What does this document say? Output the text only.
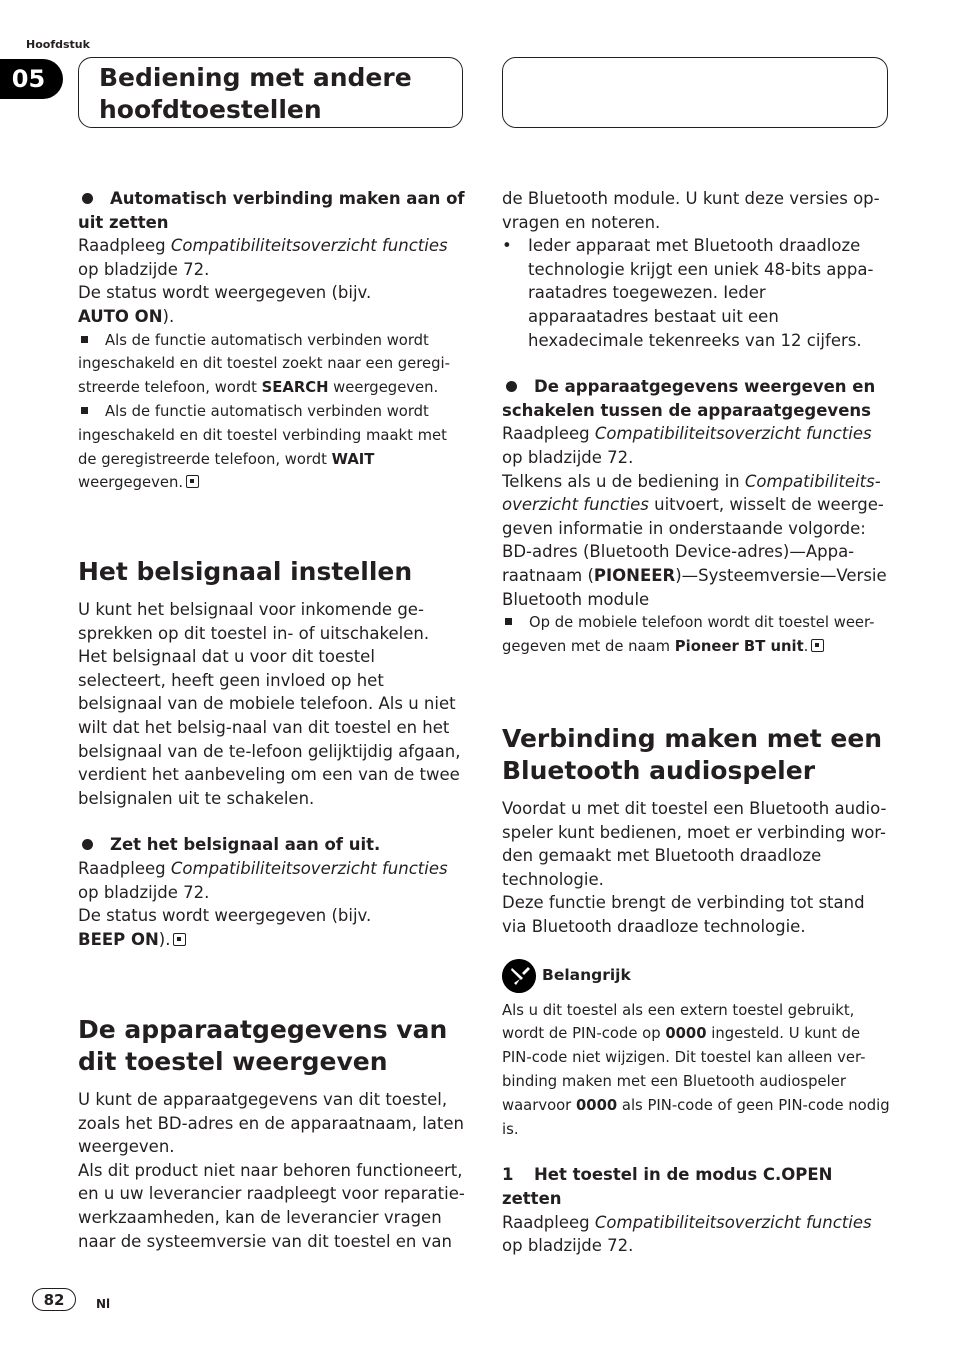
Hoofdstuk
05	Bediening met andere
hoofdtoestellen

Automatisch verbinding maken aan of uit zetten

Raadpleeg Compatibiliteitsoverzicht functies
op bladzijde 72.

De status wordt weergegeven (bijv.
AUTO ON).

Als de functie automatisch verbinden wordt ingeschakeld en dit toestel zoekt naar een geregi-streerde telefoon, wordt SEARCH weergegeven.

Als de functie automatisch verbinden wordt ingeschakeld en dit toestel verbinding maakt met de geregistreerde telefoon, wordt WAIT
weergegeven.

Het belsignaal instellen

U kunt het belsignaal voor inkomende ge-sprekken op dit toestel in- of uitschakelen.

Het belsignaal dat u voor dit toestel selecteert, heeft geen invloed op het belsignaal van de mobiele telefoon. Als u niet wilt dat het belsig-naal van dit toestel en het belsignaal van de te-lefoon gelijktijdig afgaan, verdient het aanbeveling om een van de twee belsignalen uit te schakelen.

Zet het belsignaal aan of uit.

Raadpleeg Compatibiliteitsoverzicht functies
op bladzijde 72.

De status wordt weergegeven (bijv.
BEEP ON).

De apparaatgegevens van dit toestel weergeven

U kunt de apparaatgegevens van dit toestel, zoals het BD-adres en de apparaatnaam, laten weergeven.

Als dit product niet naar behoren functioneert, en u uw leverancier raadpleegt voor reparatie-werkzaamheden, kan de leverancier vragen naar de systeemversie van dit toestel en van

de Bluetooth module. U kunt deze versies op-vragen en noteren.

• Ieder apparaat met Bluetooth draadloze technologie krijgt een uniek 48-bits appa-raatadres toegewezen. Ieder apparaatadres bestaat uit een hexadecimale tekenreeks van 12 cijfers.

De apparaatgegevens weergeven en schakelen tussen de apparaatgegevens

Raadpleeg Compatibiliteitsoverzicht functies
op bladzijde 72.

Telkens als u de bediening in Compatibiliteits-overzicht functies uitvoert, wisselt de weerge-geven informatie in onderstaande volgorde: BD-adres (Bluetooth Device-adres)—Appa-raatnaam (PIONEER)—Systeemversie—Versie Bluetooth module

Op de mobiele telefoon wordt dit toestel weer-gegeven met de naam Pioneer BT unit.

Verbinding maken met een Bluetooth audiospeler

Voordat u met dit toestel een Bluetooth audio-speler kunt bedienen, moet er verbinding wor-den gemaakt met Bluetooth draadloze technologie.

Deze functie brengt de verbinding tot stand via Bluetooth draadloze technologie.

Belangrijk

Als u dit toestel als een extern toestel gebruikt, wordt de PIN-code op 0000 ingesteld. U kunt de PIN-code niet wijzigen. Dit toestel kan alleen ver-binding maken met een Bluetooth audiospeler waarvoor 0000 als PIN-code of geen PIN-code nodig is.

1 Het toestel in de modus C.OPEN zetten

Raadpleeg Compatibiliteitsoverzicht functies
op bladzijde 72.

82	Nl
